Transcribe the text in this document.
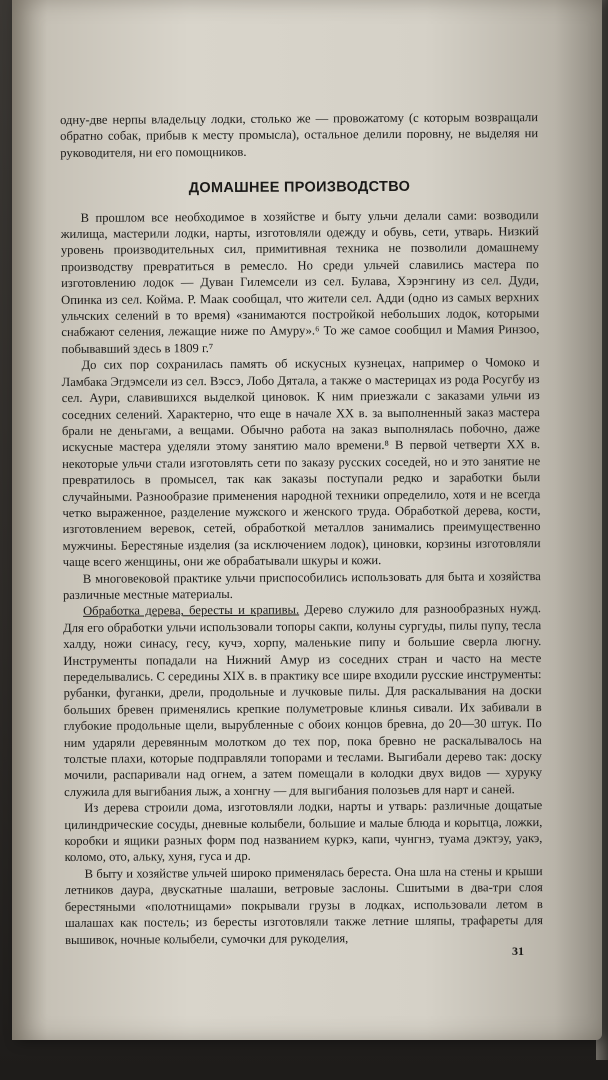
одну-две нерпы владельцу лодки, столько же — провожатому (с которым возвращали обратно собак, прибыв к месту промысла), остальное делили поровну, не выделяя ни руководителя, ни его помощников.

ДОМАШНЕЕ ПРОИЗВОДСТВО

В прошлом все необходимое в хозяйстве и быту ульчи делали сами: возводили жилища, мастерили лодки, нарты, изготовляли одежду и обувь, сети, утварь. Низкий уровень производительных сил, примитивная техника не позволили домашнему производству превратиться в ремесло. Но среди ульчей славились мастера по изготовлению лодок — Дуван Гилемсели из сел. Булава, Хэрэнгину из сел. Дуди, Опинка из сел. Койма. Р. Маак сообщал, что жители сел. Адди (одно из самых верхних ульчских селений в то время) «занимаются постройкой небольших лодок, которыми снабжают селения, лежащие ниже по Амуру».⁶ То же самое сообщил и Мамия Ринзоо, побывавший здесь в 1809 г.⁷

До сих пор сохранилась память об искусных кузнецах, например о Чомоко и Ламбака Эгдэмсели из сел. Вэссэ, Лобо Дятала, а также о мастерицах из рода Росугбу из сел. Аури, славившихся выделкой циновок. К ним приезжали с заказами ульчи из соседних селений. Характерно, что еще в начале XX в. за выполненный заказ мастера брали не деньгами, а вещами. Обычно работа на заказ выполнялась побочно, даже искусные мастера уделяли этому занятию мало времени.⁸ В первой четверти XX в. некоторые ульчи стали изготовлять сети по заказу русских соседей, но и это занятие не превратилось в промысел, так как заказы поступали редко и заработки были случайными. Разнообразие применения народной техники определило, хотя и не всегда четко выраженное, разделение мужского и женского труда. Обработкой дерева, кости, изготовлением веревок, сетей, обработкой металлов занимались преимущественно мужчины. Берестяные изделия (за исключением лодок), циновки, корзины изготовляли чаще всего женщины, они же обрабатывали шкуры и кожи.

В многовековой практике ульчи приспособились использовать для быта и хозяйства различные местные материалы.

Обработка дерева, бересты и крапивы. Дерево служило для разнообразных нужд. Для его обработки ульчи использовали топоры сакпи, колуны сургуды, пилы пупу, тесла халду, ножи синасу, гесу, кучэ, хорпу, маленькие пипу и большие сверла люгну. Инструменты попадали на Нижний Амур из соседних стран и часто на месте переделывались. С середины XIX в. в практику все шире входили русские инструменты: рубанки, фуганки, дрели, продольные и лучковые пилы. Для раскалывания на доски больших бревен применялись крепкие полуметровые клинья сивали. Их забивали в глубокие продольные щели, вырубленные с обоих концов бревна, до 20—30 штук. По ним ударяли деревянным молотком до тех пор, пока бревно не раскалывалось на толстые плахи, которые подправляли топорами и теслами. Выгибали дерево так: доску мочили, распаривали над огнем, а затем помещали в колодки двух видов — хуруку служила для выгибания лыж, а хонгну — для выгибания полозьев для нарт и саней.

Из дерева строили дома, изготовляли лодки, нарты и утварь: различные дощатые цилиндрические сосуды, дневные колыбели, большие и малые блюда и корытца, ложки, коробки и ящики разных форм под названием куркэ, капи, чунгнэ, туама дэктэу, уакэ, коломо, ото, альку, хуня, гуса и др.

В быту и хозяйстве ульчей широко применялась береста. Она шла на стены и крыши летников даура, двускатные шалаши, ветровые заслоны. Сшитыми в два-три слоя берестяными «полотнищами» покрывали грузы в лодках, использовали летом в шалашах как постель; из бересты изготовляли также летние шляпы, трафареты для вышивок, ночные колыбели, сумочки для рукоделия,

31
